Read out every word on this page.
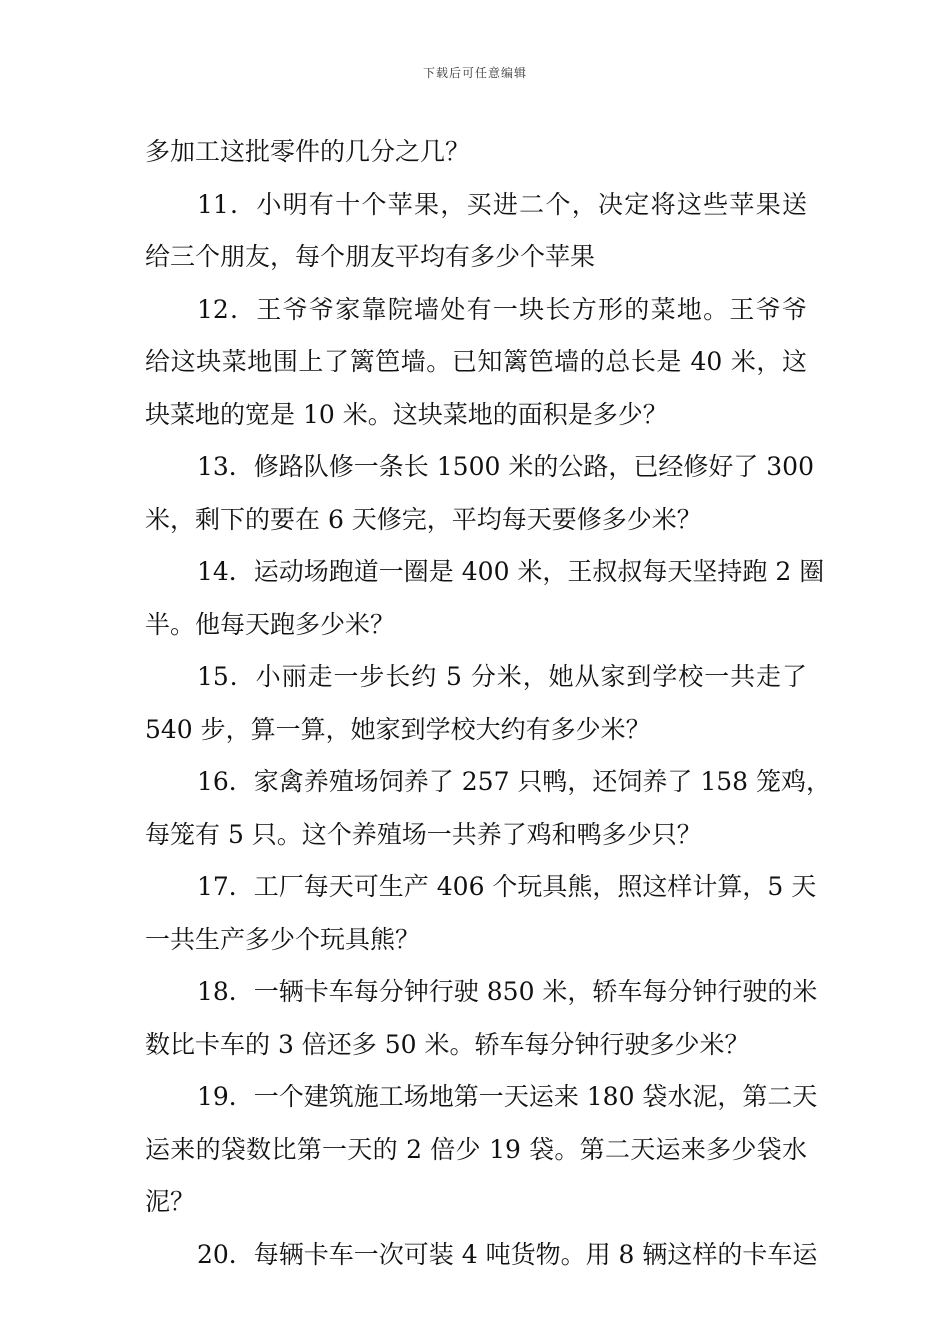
下载后可任意编辑
多加工这批零件的几分之几？
11．小明有十个苹果，买进二个，决定将这些苹果送
给三个朋友，每个朋友平均有多少个苹果
12．王爷爷家靠院墙处有一块长方形的菜地。王爷爷
给这块菜地围上了篱笆墙。已知篱笆墙的总长是 40 米，这
块菜地的宽是 10 米。这块菜地的面积是多少？
13．修路队修一条长 1500 米的公路，已经修好了 300
米，剩下的要在 6 天修完，平均每天要修多少米？
14．运动场跑道一圈是 400 米，王叔叔每天坚持跑 2 圈
半。他每天跑多少米？
15．小丽走一步长约 5 分米，她从家到学校一共走了
540 步，算一算，她家到学校大约有多少米？
16．家禽养殖场饲养了 257 只鸭，还饲养了 158 笼鸡，
每笼有 5 只。这个养殖场一共养了鸡和鸭多少只？
17．工厂每天可生产 406 个玩具熊，照这样计算，5 天
一共生产多少个玩具熊？
18．一辆卡车每分钟行驶 850 米，轿车每分钟行驶的米
数比卡车的 3 倍还多 50 米。轿车每分钟行驶多少米？
19．一个建筑施工场地第一天运来 180 袋水泥，第二天
运来的袋数比第一天的 2 倍少 19 袋。第二天运来多少袋水
泥？
20．每辆卡车一次可装 4 吨货物。用 8 辆这样的卡车运
